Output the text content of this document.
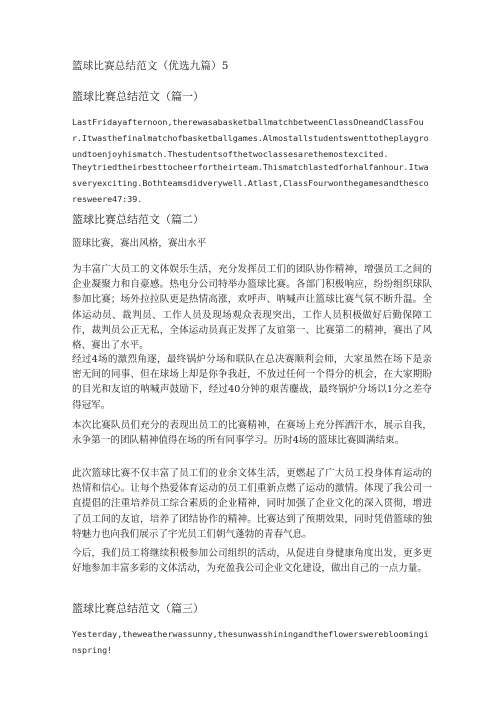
篮球比赛总结范文（优选九篇）5
篮球比赛总结范文（篇一）

LastFridayafternoon,therewasabasketballmatchbetweenClassOneandClassFour.Itwasthefinalmatchofbasketballgames.Almostallstudentswenttotheplaygroundtoenjoyhismatch.Thestudentsofthetwoclassesarethemostexcited.

Theytriedtheirbesttocheerfortheirteam.Thismatchlastedforhalfanhour.Itwasveryexciting.Bothteamsdidverywell.Atlast,ClassFourwonthegamesandthescoresweere47:39.

篮球比赛总结范文（篇二）

篮球比赛，赛出风格，赛出水平

为丰富广大员工的文体娱乐生活，充分发挥员工们的团队协作精神，增强员工之间的企业凝聚力和自豪感。热电分公司特举办篮球比赛。各部门积极响应，纷纷组织球队参加比赛；场外拉拉队更是热情高涨，欢呼声、呐喊声让篮球比赛气氛不断升温。全体运动员、裁判员、工作人员及现场观众表现突出，工作人员积极做好后勤保障工作，裁判员公正无私，全体运动员真正发挥了友谊第一、比赛第二的精神，赛出了风格、赛出了水平。

经过4场的激烈角逐，最终锅炉分场和联队在总决赛顺利会师，大家虽然在场下是亲密无间的同事、但在球场上却是你争我赶，不放过任何一个得分的机会，在大家期盼的目光和友谊的呐喊声鼓励下，经过40分钟的艰苦鏖战，最终锅炉分场以1分之差夺得冠军。

本次比赛队员们充分的表现出员工的比赛精神，在赛场上充分挥洒汗水，展示自我，永争第一的团队精神值得在场的所有同事学习。历时4场的篮球比赛圆满结束。

此次篮球比赛不仅丰富了员工们的业余文体生活，更燃起了广大员工投身体育运动的热情和信心。让每个热爱体育运动的员工们重新点燃了运动的激情。体现了我公司一直提倡的注重培养员工综合素质的企业精神，同时加强了企业文化的深入贯彻，增进了员工间的友谊，培养了团结协作的精神。比赛达到了预期效果，同时凭借篮球的独特魅力也向我们展示了宇光员工们朝气蓬勃的青春气息。

今后，我们员工将继续积极参加公司组织的活动，从促进自身健康角度出发，更多更好地参加丰富多彩的文体活动，为充盈我公司企业文化建设，做出自己的一点力量。

篮球比赛总结范文（篇三）

Yesterday,theweatherwassunny,thesunwasshiningandtheflowerswerebloominginspring!
